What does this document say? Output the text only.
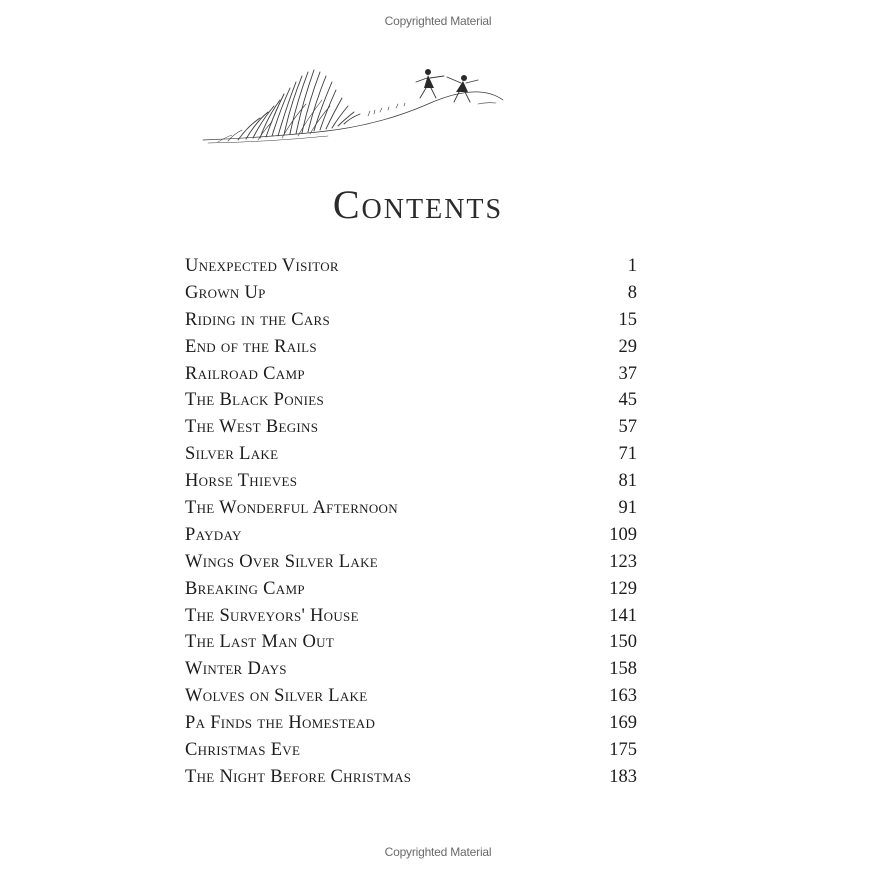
Copyrighted Material
Contents
Unexpected Visitor	1
Grown Up	8
Riding in the Cars	15
End of the Rails	29
Railroad Camp	37
The Black Ponies	45
The West Begins	57
Silver Lake	71
Horse Thieves	81
The Wonderful Afternoon	91
Payday	109
Wings Over Silver Lake	123
Breaking Camp	129
The Surveyors' House	141
The Last Man Out	150
Winter Days	158
Wolves on Silver Lake	163
Pa Finds the Homestead	169
Christmas Eve	175
The Night Before Christmas	183
Copyrighted Material
